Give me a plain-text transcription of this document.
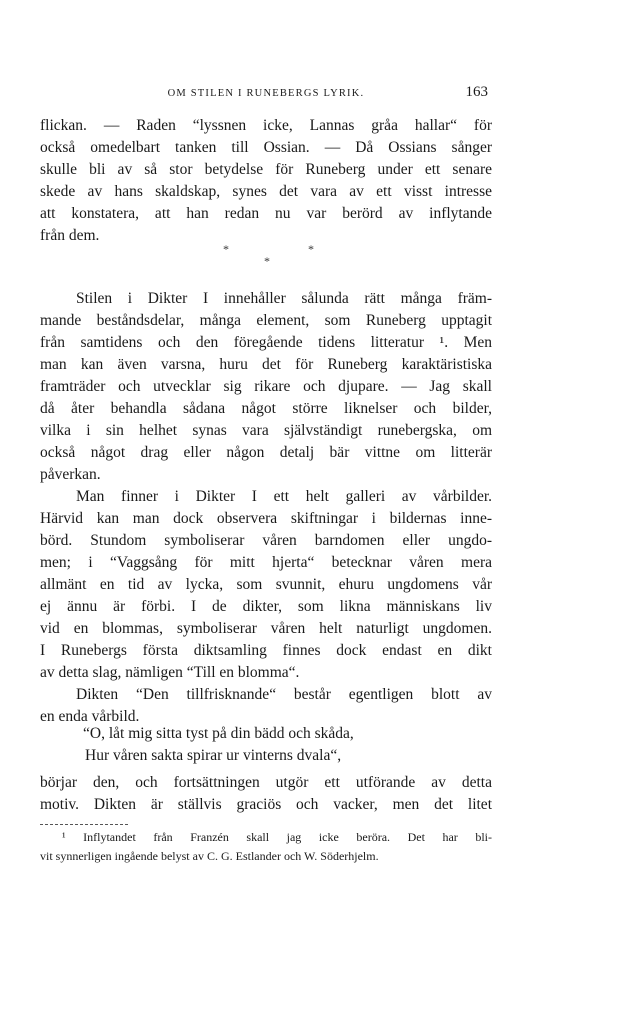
OM STILEN I RUNEBERGS LYRIK.	163
flickan. — Raden “lyssnen icke, Lannas gråa hallar“ för
också omedelbart tanken till Ossian. — Då Ossians sånger
skulle bli av så stor betydelse för Runeberg under ett senare
skede av hans skaldskap, synes det vara av ett visst intresse
att konstatera, att han redan nu var berörd av inflytande
från dem.
*	*
*
Stilen i Dikter I innehåller sålunda rätt många främ-
mande beståndsdelar, många element, som Runeberg upptagit
från samtidens och den föregående tidens litteratur ¹. Men
man kan även varsna, huru det för Runeberg karaktäristiska
framträder och utvecklar sig rikare och djupare. — Jag skall
då åter behandla sådana något större liknelser och bilder,
vilka i sin helhet synas vara självständigt runebergska, om
också något drag eller någon detalj bär vittne om litterär
påverkan.
Man finner i Dikter I ett helt galleri av vårbilder.
Härvid kan man dock observera skiftningar i bildernas inne-
börd. Stundom symboliserar våren barndomen eller ungdo-
men; i “Vaggsång för mitt hjerta“ betecknar våren mera
allmänt en tid av lycka, som svunnit, ehuru ungdomens vår
ej ännu är förbi. I de dikter, som likna människans liv
vid en blommas, symboliserar våren helt naturligt ungdomen.
I Runebergs första diktsamling finnes dock endast en dikt
av detta slag, nämligen “Till en blomma“.
Dikten “Den tillfrisknande“ består egentligen blott av
en enda vårbild.
“O, låt mig sitta tyst på din bädd och skåda,
Hur våren sakta spirar ur vinterns dvala“,
börjar den, och fortsättningen utgör ett utförande av detta
motiv. Dikten är ställvis graciös och vacker, men det litet
¹ Inflytandet från Franzén skall jag icke beröra. Det har bli-
vit synnerligen ingående belyst av C. G. Estlander och W. Söderhjelm.
